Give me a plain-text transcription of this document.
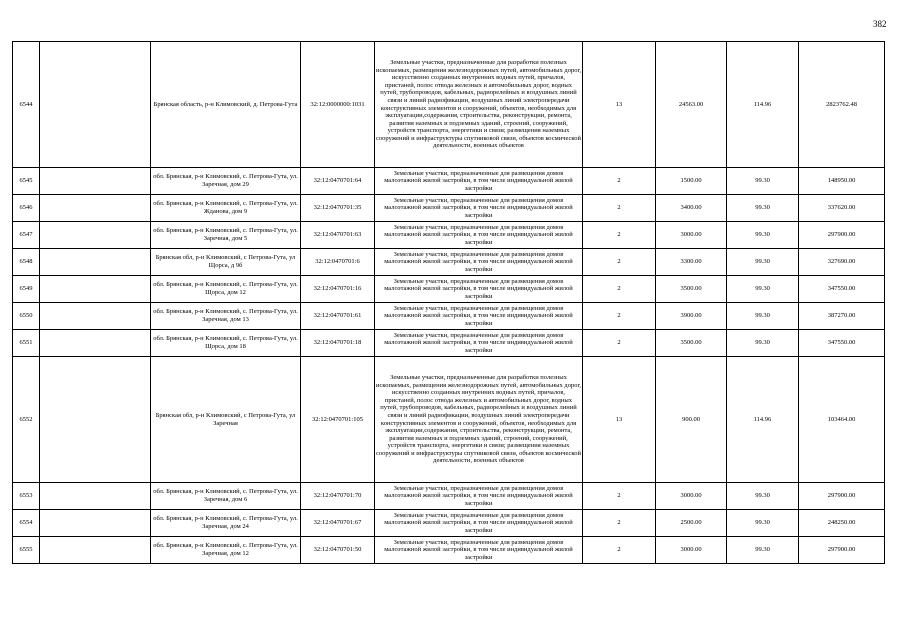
382
6544		Брянская область, р-н Климовский, д. Петрова-Гута	32:12:0000000:1031	Земельные участки, предназначенные для разработки полезных ископаемых, размещения железнодорожных путей, автомобильных дорог, искусственно созданных внутренних водных путей, причалов, пристаней, полос отвода железных и автомобильных дорог, водных путей, трубопроводов, кабельных, радиорелейных и воздушных линий связи и линий радиофикации, воздушных линий электропередачи конструктивных элементов и сооружений, объектов, необходимых для эксплуатации,содержания, строительства, реконструкции, ремонта, развития наземных и подземных зданий, строений, сооружений, устройств транспорта, энергетики и связи; размещения наземных сооружений и инфраструктуры спутниковой связи, объектов космической деятельности, военных объектов	13	24563.00	114.96	2823762.48
6545		обл. Брянская, р-н Климовский, с. Петрова-Гута, ул. Заречная, дом 29	32:12:0470701:64	Земельные участки, предназначенные для размещения домов малоэтажной жилой застройки, в том числе индивидуальной жилой застройки	2	1500.00	99.30	148950.00
6546		обл. Брянская, р-н Климовский, с. Петрова-Гута, ул. Жданова, дом 9	32:12:0470701:35	Земельные участки, предназначенные для размещения домов малоэтажной жилой застройки, в том числе индивидуальной жилой застройки	2	3400.00	99.30	337620.00
6547		обл. Брянская, р-н Климовский, с. Петрова-Гута, ул. Заречная, дом 5	32:12:0470701:63	Земельные участки, предназначенные для размещения домов малоэтажной жилой застройки, в том числе индивидуальной жилой застройки	2	3000.00	99.30	297900.00
6548		Брянская обл, р-н Климовский, с Петрова-Гута, ул Щорса, д 9б	32:12:0470701:6	Земельные участки, предназначенные для размещения домов малоэтажной жилой застройки, в том числе индивидуальной жилой застройки	2	3300.00	99.30	327690.00
6549		обл. Брянская, р-н Климовский, с. Петрова-Гута, ул. Щорса, дом 12	32:12:0470701:16	Земельные участки, предназначенные для размещения домов малоэтажной жилой застройки, в том числе индивидуальной жилой застройки	2	3500.00	99.30	347550.00
6550		обл. Брянская, р-н Климовский, с. Петрова-Гута, ул. Заречная, дом 13	32:12:0470701:61	Земельные участки, предназначенные для размещения домов малоэтажной жилой застройки, в том числе индивидуальной жилой застройки	2	3900.00	99.30	387270.00
6551		обл. Брянская, р-н Климовский, с. Петрова-Гута, ул. Щорса, дом 18	32:12:0470701:18	Земельные участки, предназначенные для размещения домов малоэтажной жилой застройки, в том числе индивидуальной жилой застройки	2	3500.00	99.30	347550.00
6552		Брянская обл, р-н Климовский, с Петрова-Гута, ул Заречная	32:12:0470701:105	Земельные участки, предназначенные для разработки полезных ископаемых, размещения железнодорожных путей, автомобильных дорог, искусственно созданных внутренних водных путей, причалов, пристаней, полос отвода железных и автомобильных дорог, водных путей, трубопроводов, кабельных, радиорелейных и воздушных линий связи и линий радиофикации, воздушных линий электропередачи конструктивных элементов и сооружений, объектов, необходимых для эксплуатации,содержания, строительства, реконструкции, ремонта, развития наземных и подземных зданий, строений, сооружений, устройств транспорта, энергетики и связи; размещения наземных сооружений и инфраструктуры спутниковой связи, объектов космической деятельности, военных объектов	13	900.00	114.96	103464.00
6553		обл. Брянская, р-н Климовский, с. Петрова-Гута, ул. Заречная, дом 6	32:12:0470701:70	Земельные участки, предназначенные для размещения домов малоэтажной жилой застройки, в том числе индивидуальной жилой застройки	2	3000.00	99.30	297900.00
6554		обл. Брянская, р-н Климовский, с. Петрова-Гута, ул. Заречная, дом 24	32:12:0470701:67	Земельные участки, предназначенные для размещения домов малоэтажной жилой застройки, в том числе индивидуальной жилой застройки	2	2500.00	99.30	248250.00
6555		обл. Брянская, р-н Климовский, с. Петрова-Гута, ул. Заречная, дом 12	32:12:0470701:50	Земельные участки, предназначенные для размещения домов малоэтажной жилой застройки, в том числе индивидуальной жилой застройки	2	3000.00	99.30	297900.00
